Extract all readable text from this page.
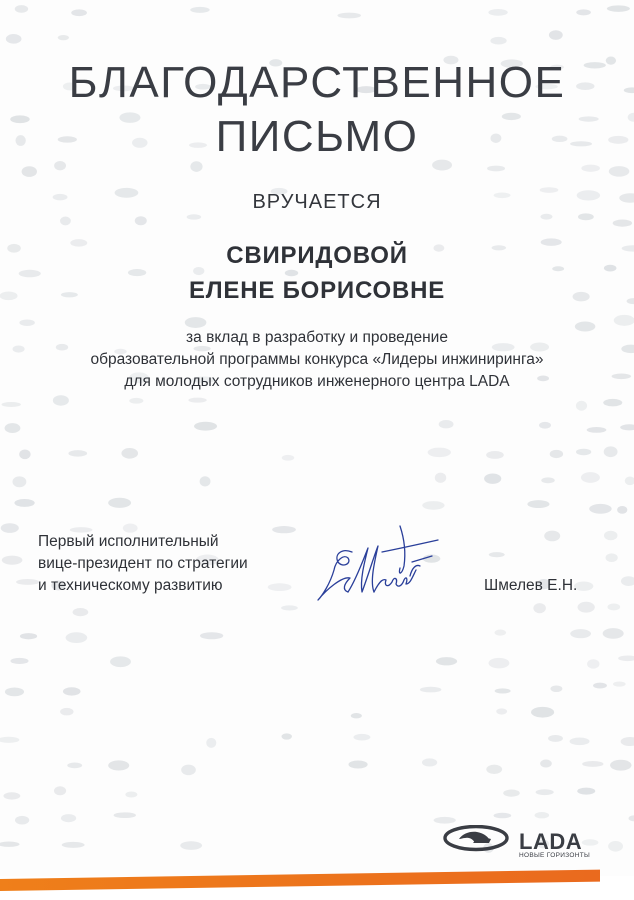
БЛАГОДАРСТВЕННОЕ
ПИСЬМО
ВРУЧАЕТСЯ
СВИРИДОВОЙ
ЕЛЕНЕ БОРИСОВНЕ
за вклад в разработку и проведение
образовательной программы конкурса «Лидеры инжиниринга»
для молодых сотрудников инженерного центра LADA
Первый исполнительный
вице-президент по стратегии
и техническому развитию	Шмелев Е.Н.
LADA
НОВЫЕ ГОРИЗОНТЫ
